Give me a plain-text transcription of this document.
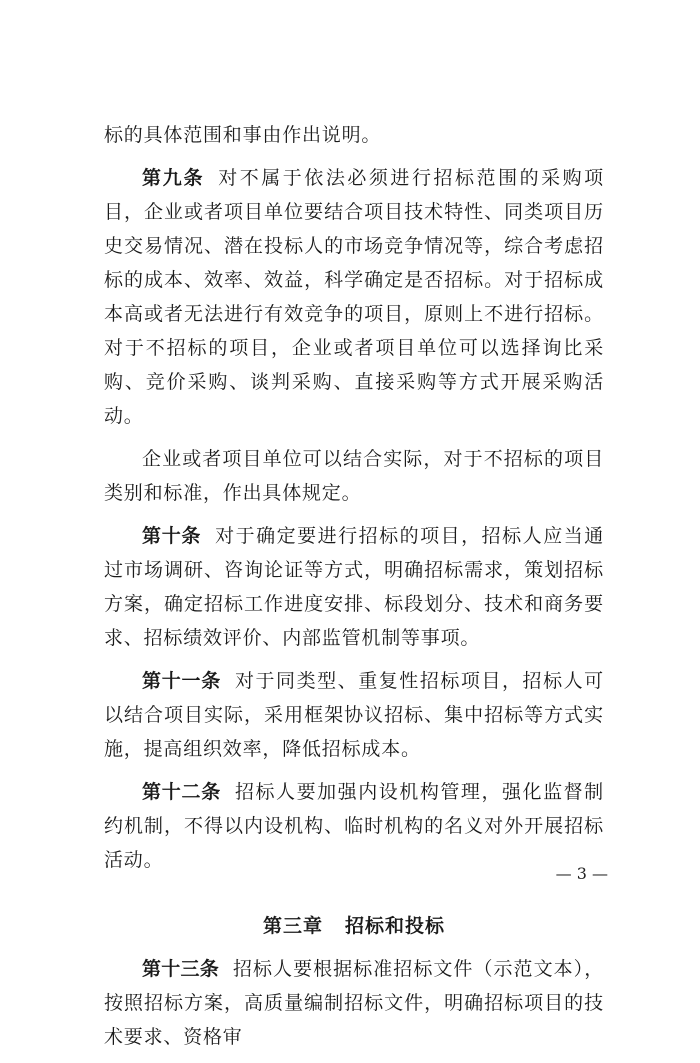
标的具体范围和事由作出说明。

第九条 对不属于依法必须进行招标范围的采购项目，企业或者项目单位要结合项目技术特性、同类项目历史交易情况、潜在投标人的市场竞争情况等，综合考虑招标的成本、效率、效益，科学确定是否招标。对于招标成本高或者无法进行有效竞争的项目，原则上不进行招标。对于不招标的项目，企业或者项目单位可以选择询比采购、竞价采购、谈判采购、直接采购等方式开展采购活动。

企业或者项目单位可以结合实际，对于不招标的项目类别和标准，作出具体规定。

第十条 对于确定要进行招标的项目，招标人应当通过市场调研、咨询论证等方式，明确招标需求，策划招标方案，确定招标工作进度安排、标段划分、技术和商务要求、招标绩效评价、内部监管机制等事项。

第十一条 对于同类型、重复性招标项目，招标人可以结合项目实际，采用框架协议招标、集中招标等方式实施，提高组织效率，降低招标成本。

第十二条 招标人要加强内设机构管理，强化监督制约机制，不得以内设机构、临时机构的名义对外开展招标活动。

第三章 招标和投标

第十三条 招标人要根据标准招标文件（示范文本），按照招标方案，高质量编制招标文件，明确招标项目的技术要求、资格审

— 3 —
